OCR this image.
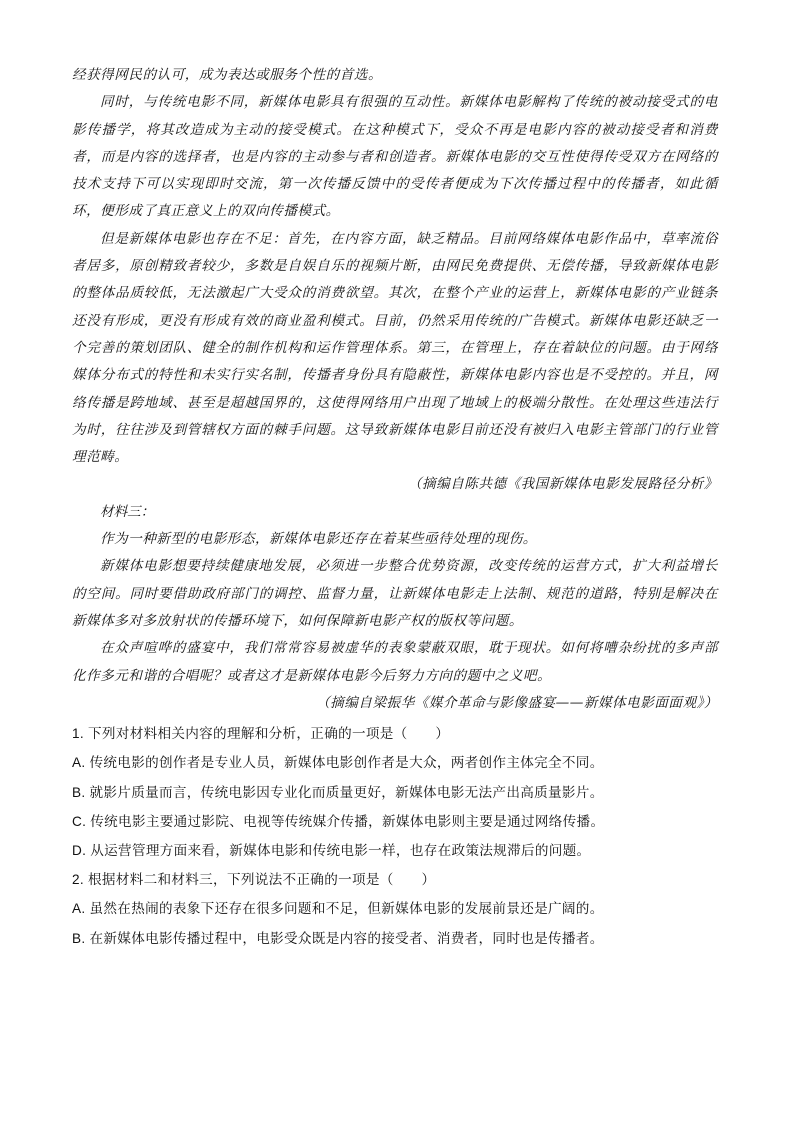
经获得网民的认可，成为表达或服务个性的首选。

同时，与传统电影不同，新媒体电影具有很强的互动性。新媒体电影解构了传统的被动接受式的电影传播学，将其改造成为主动的接受模式。在这种模式下，受众不再是电影内容的被动接受者和消费者，而是内容的选择者，也是内容的主动参与者和创造者。新媒体电影的交互性使得传受双方在网络的技术支持下可以实现即时交流，第一次传播反馈中的受传者便成为下次传播过程中的传播者，如此循环，便形成了真正意义上的双向传播模式。

但是新媒体电影也存在不足：首先，在内容方面，缺乏精品。目前网络媒体电影作品中，草率流俗者居多，原创精致者较少，多数是自娱自乐的视频片断，由网民免费提供、无偿传播，导致新媒体电影的整体品质较低，无法激起广大受众的消费欲望。其次，在整个产业的运营上，新媒体电影的产业链条还没有形成，更没有形成有效的商业盈利模式。目前，仍然采用传统的广告模式。新媒体电影还缺乏一个完善的策划团队、健全的制作机构和运作管理体系。第三，在管理上，存在着缺位的问题。由于网络媒体分布式的特性和未实行实名制，传播者身份具有隐蔽性，新媒体电影内容也是不受控的。并且，网络传播是跨地域、甚至是超越国界的，这使得网络用户出现了地域上的极端分散性。在处理这些违法行为时，往往涉及到管辖权方面的棘手问题。这导致新媒体电影目前还没有被归入电影主管部门的行业管理范畴。

（摘编自陈共德《我国新媒体电影发展路径分析》

材料三：

作为一种新型的电影形态，新媒体电影还存在着某些亟待处理的现伤。

新媒体电影想要持续健康地发展，必须进一步整合优势资源，改变传统的运营方式，扩大利益增长的空间。同时要借助政府部门的调控、监督力量，让新媒体电影走上法制、规范的道路，特别是解决在新媒体多对多放射状的传播环境下，如何保障新电影产权的版权等问题。

在众声喧哗的盛宴中，我们常常容易被虚华的表象蒙蔽双眼，耽于现状。如何将嘈杂纷扰的多声部化作多元和谐的合唱呢？或者这才是新媒体电影今后努力方向的题中之义吧。

（摘编自梁振华《媒介革命与影像盛宴——新媒体电影面面观》）

1. 下列对材料相关内容的理解和分析，正确的一项是（　　）

A. 传统电影的创作者是专业人员，新媒体电影创作者是大众，两者创作主体完全不同。

B. 就影片质量而言，传统电影因专业化而质量更好，新媒体电影无法产出高质量影片。

C. 传统电影主要通过影院、电视等传统媒介传播，新媒体电影则主要是通过网络传播。

D. 从运营管理方面来看，新媒体电影和传统电影一样，也存在政策法规滞后的问题。

2. 根据材料二和材料三，下列说法不正确的一项是（　　）

A. 虽然在热闹的表象下还存在很多问题和不足，但新媒体电影的发展前景还是广阔的。

B. 在新媒体电影传播过程中，电影受众既是内容的接受者、消费者，同时也是传播者。
